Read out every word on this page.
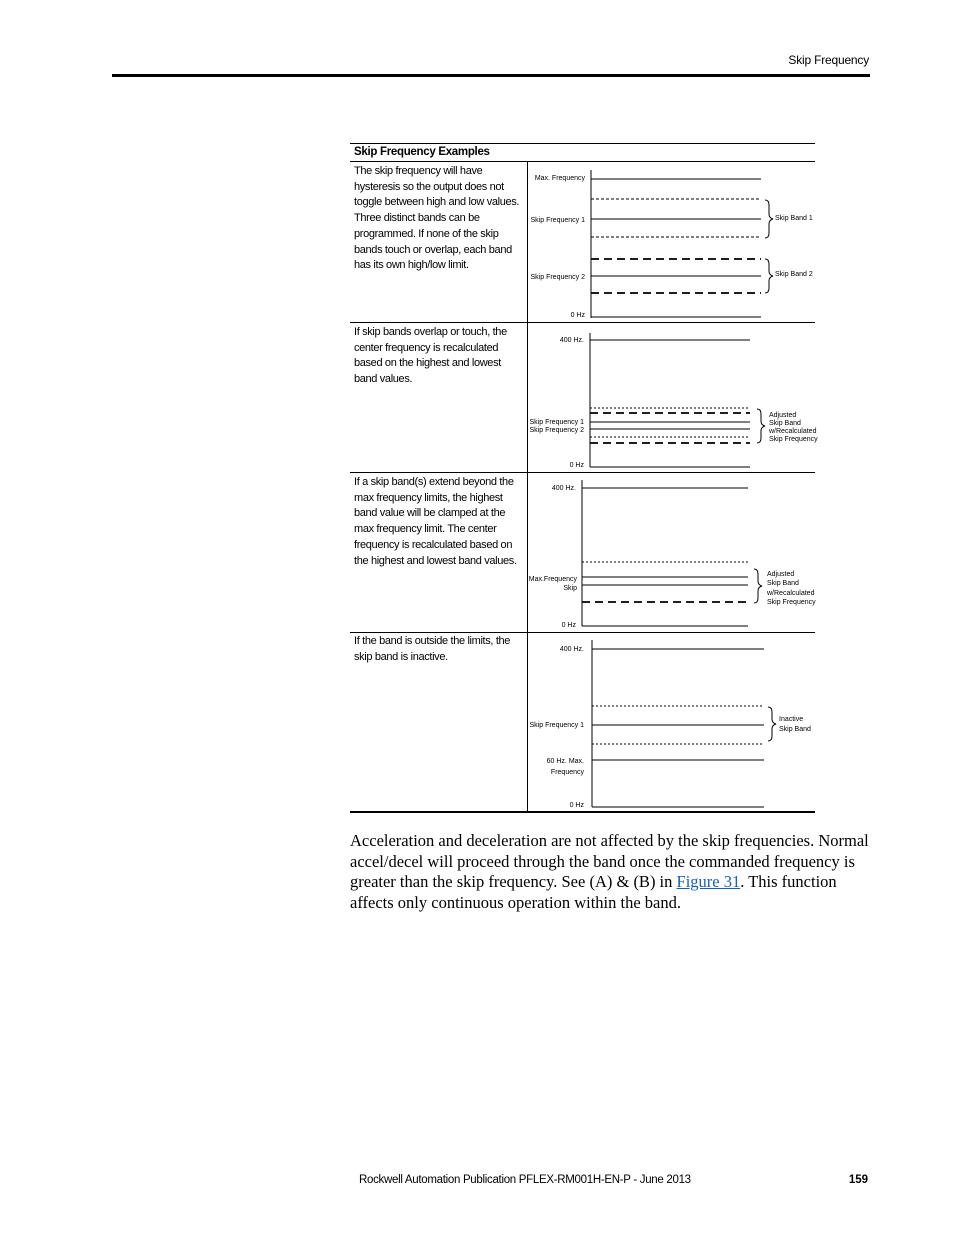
Skip Frequency
Skip Frequency Examples
The skip frequency will have hysteresis so the output does not toggle between high and low values. Three distinct bands can be programmed. If none of the skip bands touch or overlap, each band has its own high/low limit.
Max. Frequency
Skip Frequency 1	Skip Band 1
Skip Frequency 2	Skip Band 2
0 Hz
If skip bands overlap or touch, the center frequency is recalculated based on the highest and lowest band values.
400 Hz.
Skip Frequency 1
Skip Frequency 2
Adjusted
Skip Band
w/Recalculated
Skip Frequency
0 Hz
If a skip band(s) extend beyond the max frequency limits, the highest band value will be clamped at the max frequency limit. The center frequency is recalculated based on the highest and lowest band values.
400 Hz.
Max.Frequency
Skip
Adjusted
Skip Band
w/Recalculated
Skip Frequency
0 Hz
If the band is outside the limits, the skip band is inactive.
400 Hz.
Skip Frequency 1
Inactive
Skip Band
60 Hz. Max.
Frequency
0 Hz
Acceleration and deceleration are not affected by the skip frequencies. Normal accel/decel will proceed through the band once the commanded frequency is greater than the skip frequency. See (A) & (B) in Figure 31. This function affects only continuous operation within the band.
Rockwell Automation Publication PFLEX-RM001H-EN-P - June 2013	159
